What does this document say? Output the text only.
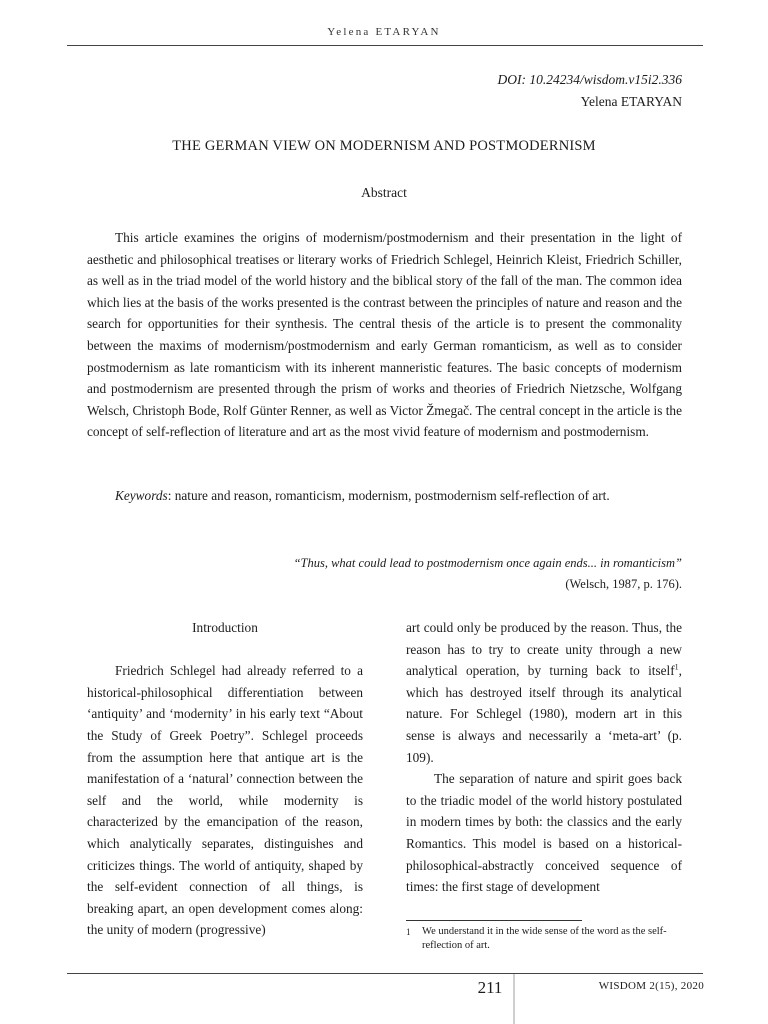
Yelena ETARYAN
DOI: 10.24234/wisdom.v15i2.336
Yelena ETARYAN
THE GERMAN VIEW ON MODERNISM AND POSTMODERNISM
Abstract

This article examines the origins of modernism/postmodernism and their presentation in the light of aesthetic and philosophical treatises or literary works of Friedrich Schlegel, Heinrich Kleist, Friedrich Schiller, as well as in the triad model of the world history and the biblical story of the fall of the man. The common idea which lies at the basis of the works presented is the contrast between the principles of nature and reason and the search for opportunities for their synthesis. The central thesis of the article is to present the commonality between the maxims of modernism/postmodernism and early German romanticism, as well as to consider postmodernism as late romanticism with its inherent manneristic features. The basic concepts of modernism and postmodernism are presented through the prism of works and theories of Friedrich Nietzsche, Wolfgang Welsch, Christoph Bode, Rolf Günter Renner, as well as Victor Žmegač. The central concept in the article is the concept of self-reflection of literature and art as the most vivid feature of modernism and postmodernism.

Keywords: nature and reason, romanticism, modernism, postmodernism self-reflection of art.
“Thus, what could lead to postmodernism once again ends... in romanticism”
(Welsch, 1987, p. 176).
Introduction

Friedrich Schlegel had already referred to a historical-philosophical differentiation between ‘antiquity’ and ‘modernity’ in his early text “About the Study of Greek Poetry”. Schlegel proceeds from the assumption here that antique art is the manifestation of a ‘natural’ connection between the self and the world, while modernity is characterized by the emancipation of the reason, which analytically separates, distinguishes and criticizes things. The world of antiquity, shaped by the self-evident connection of all things, is breaking apart, an open development comes along: the unity of modern (progressive)

art could only be produced by the reason. Thus, the reason has to try to create unity through a new analytical operation, by turning back to itself$^1$, which has destroyed itself through its analytical nature. For Schlegel (1980), modern art in this sense is always and necessarily a ‘meta-art’ (p. 109).

The separation of nature and spirit goes back to the triadic model of the world history postulated in modern times by both: the classics and the early Romantics. This model is based on a historical-philosophical-abstractly conceived sequence of times: the first stage of development

1	We understand it in the wide sense of the word as the self-reflection of art.
211	WISDOM 2(15), 2020
